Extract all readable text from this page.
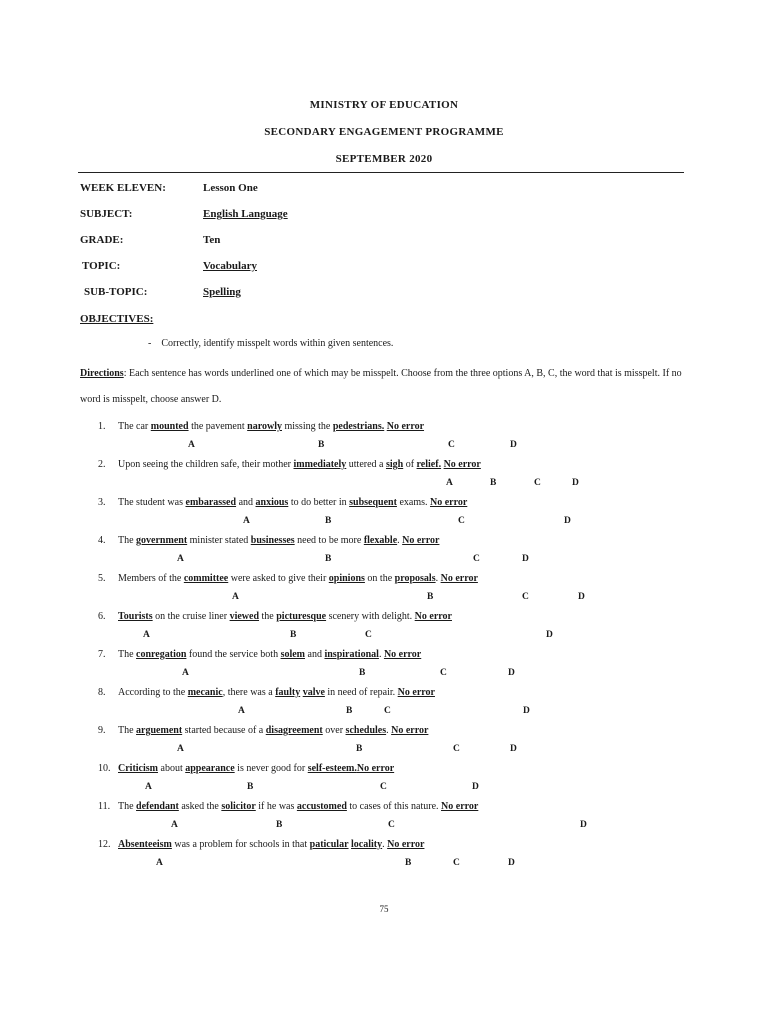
MINISTRY OF EDUCATION
SECONDARY ENGAGEMENT PROGRAMME
SEPTEMBER 2020
WEEK ELEVEN:	Lesson One
SUBJECT:	English Language
GRADE:	Ten
TOPIC:	Vocabulary
SUB-TOPIC:	Spelling
OBJECTIVES:
- Correctly, identify misspelt words within given sentences.
Directions: Each sentence has words underlined one of which may be misspelt. Choose from the three options A, B, C, the word that is misspelt. If no word is misspelt, choose answer D.
1. The car mounted the pavement narowly missing the pedestrians. No error
A	B	C	D
2. Upon seeing the children safe, their mother immediately uttered a sigh of relief. No error
A	B	C	D
3. The student was embarassed and anxious to do better in subsequent exams. No error
A	B	C	D
4. The government minister stated businesses need to be more flexable. No error
A	B	C	D
5. Members of the committee were asked to give their opinions on the proposals. No error
A	B	C	D
6. Tourists on the cruise liner viewed the picturesque scenery with delight. No error
A	B	C	D
7. The conregation found the service both solem and inspirational. No error
A	B	C	D
8. According to the mecanic, there was a faulty valve in need of repair. No error
A	B	C	D
9. The arguement started because of a disagreement over schedules. No error
A	B	C	D
10. Criticism about appearance is never good for self-esteem.No error
A	B	C	D
11. The defendant asked the solicitor if he was accustomed to cases of this nature. No error
A	B	C	D
12. Absenteeism was a problem for schools in that paticular locality. No error
A	B	C	D
75
